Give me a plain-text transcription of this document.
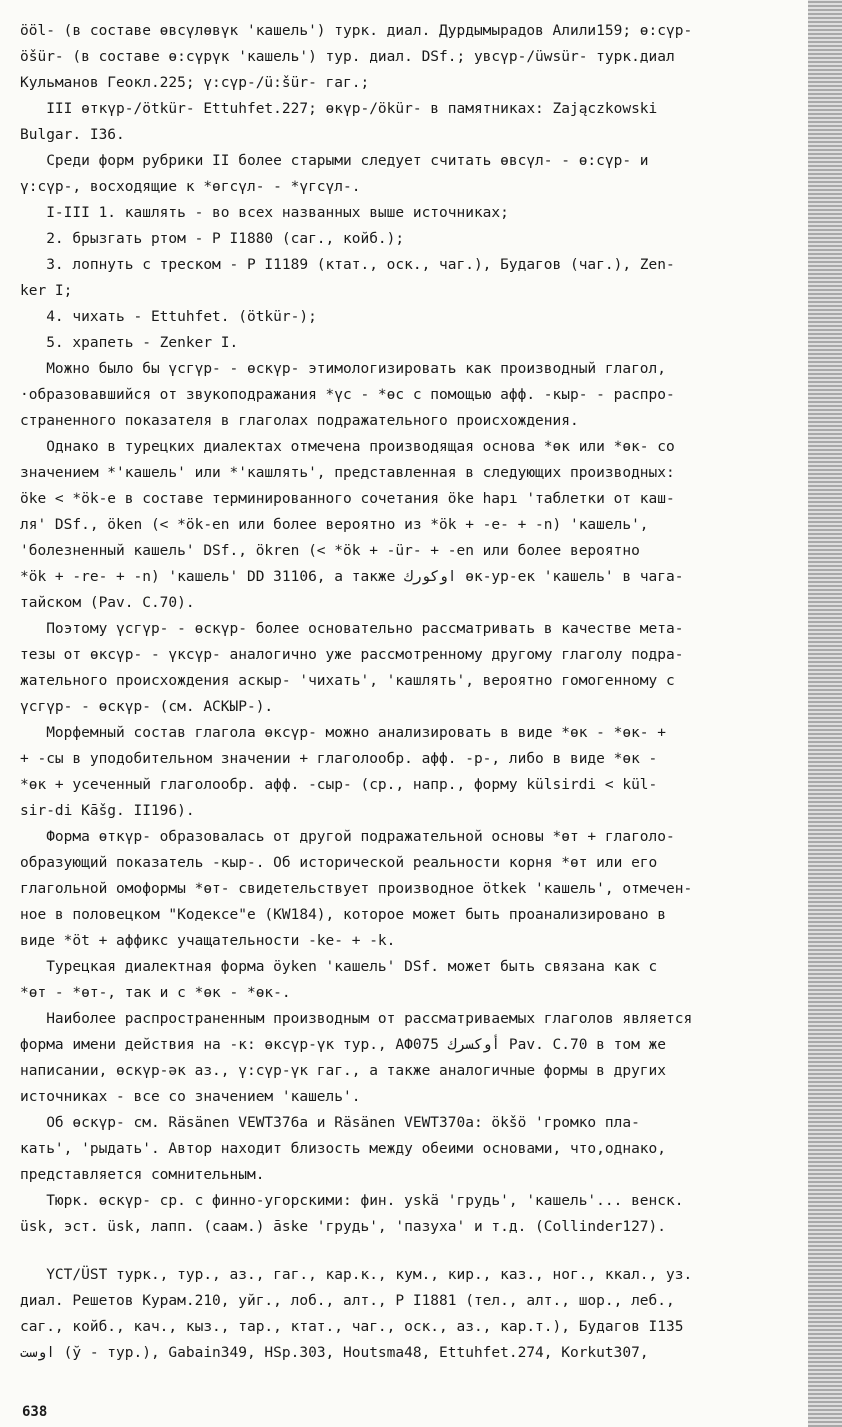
ööl- (в составе өвсүлөвүк 'кашель') турк. диал. Дурдымырадов Алили159; ө:сүр-
öšür- (в составе ө:сүрүк 'кашель') тур. диал. DSf.; увсүр-/üwsür- турк.диал
Кульманов Геокл.225; ү:сүр-/ü:šür- гаг.;
III өткүр-/ötkür- Ettuhfet.227; өкүр-/ökür- в памятниках: Zajączkowski
Bulgar. I36.
Среди форм рубрики II более старыми следует считать өвсүл- - ө:сүр- и
ү:сүр-, восходящие к *өгсүл- - *үгсүл-.
I-III 1. кашлять - во всех названных выше источниках;
2. брызгать ртом - Р I1880 (саг., койб.);
3. лопнуть с треском - Р I1189 (ктат., оск., чаг.), Будагов (чаг.), Zen-
ker I;
4. чихать - Ettuhfet. (ötkür-);
5. храпеть - Zenker I.
Можно было бы үсгүр- - өскүр- этимологизировать как производный глагол,
·образовавшийся от звукоподражания *үс - *өс с помощью афф. -кыр- - распро-
страненного показателя в глаголах подражательного происхождения.
Однако в турецких диалектах отмечена производящая основа *өк или *өк- со
значением *'кашель' или *'кашлять', представленная в следующих производных:
öke < *ök-e в составе терминированного сочетания öke hapı 'таблетки от каш-
ля' DSf., öken (< *ök-en или более вероятно из *ök + -e- + -n) 'кашель',
'болезненный кашель' DSf., ökren (< *ök + -ür- + -en или более вероятно
*ök + -re- + -n) 'кашель' DD 31106, а также اوكورك өк-ур-ек 'кашель' в чага-
тайском (Pav. C.70).
Поэтому үсгүр- - өскүр- более основательно рассматривать в качестве мета-
тезы от өксүр- - үксүр- аналогично уже рассмотренному другому глаголу подра-
жательного происхождения аскыр- 'чихать', 'кашлять', вероятно гомогенному с
үсгүр- - өскүр- (см. АСКЫР-).
Морфемный состав глагола өксүр- можно анализировать в виде *өк - *өк- +
+ -сы в уподобительном значении + глаголообр. афф. -р-, либо в виде *өк -
*өк + усеченный глаголообр. афф. -сыр- (ср., напр., форму külsirdi < kül-
sir-di Kāšg. II196).
Форма өткүр- образовалась от другой подражательной основы *өт + глаголо-
образующий показатель -кыр-. Об исторической реальности корня *өт или его
глагольной омоформы *өт- свидетельствует производное ötkek 'кашель', отмечен-
ное в половецком "Кодексе"е (KW184), которое может быть проанализировано в
виде *öt + аффикс учащательности -ke- + -k.
Турецкая диалектная форма öyken 'кашель' DSf. может быть связана как с
*өт - *өт-, так и с *өк - *өк-.
Наиболее распространенным производным от рассматриваемых глаголов является
форма имени действия на -к: өксүр-үк тур., АФ075 أوكسرك Pav. C.70 в том же
написании, өскүр-әк аз., ү:сүр-үк гаг., а также аналогичные формы в других
источниках - все со значением 'кашель'.
Об өскүр- см. Räsänen VEWT376a и Räsänen VEWT370a: ökšö 'громко пла-
кать', 'рыдать'. Автор находит близость между обеими основами, что,однако,
представляется сомнительным.
Тюрк. өскүр- ср. с финно-угорскими: фин. yskä 'грудь', 'кашель'... венск.
üsk, эст. üsk, лапп. (саам.) āske 'грудь', 'пазуха' и т.д. (Collinder127).
ҮСТ/ÜST турк., тур., аз., гаг., кар.к., кум., кир., каз., ног., ккал., уз.
диал. Решетов Курам.210, уйг., лоб., алт., Р I1881 (тел., алт., шор., леб.,
саг., койб., кач., кыз., тар., ктат., чаг., оск., аз., кар.т.), Будагов I135
اوست (ў - тур.), Gabain349, HSp.303, Houtsma48, Ettuhfet.274, Korkut307,
638
